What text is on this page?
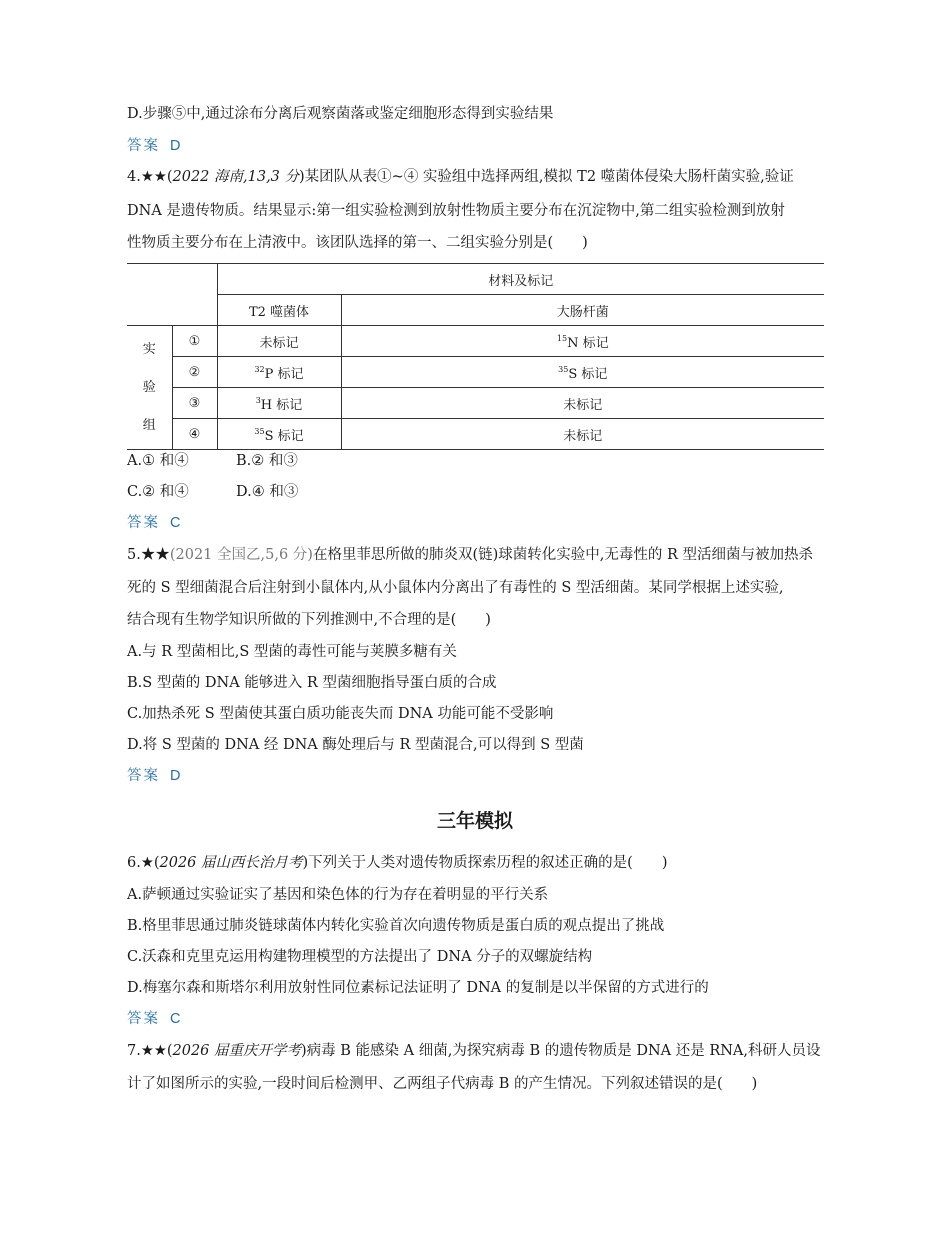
D.步骤⑤中,通过涂布分离后观察菌落或鉴定细胞形态得到实验结果
答案 D
4.★★(2022 海南,13,3 分)某团队从表①~④ 实验组中选择两组,模拟 T2 噬菌体侵染大肠杆菌实验,验证
DNA 是遗传物质。结果显示:第一组实验检测到放射性物质主要分布在沉淀物中,第二组实验检测到放射
性物质主要分布在上清液中。该团队选择的第一、二组实验分别是(　　)
		材料及标记	
		T2 噬菌体	大肠杆菌

实
验
组	①	未标记	$^{15}$N 标记
	②	$^{32}$P 标记	$^{35}$S 标记
	③	$^3$H 标记	未标记
	④	$^{35}$S 标记	未标记
A.① 和④	B.② 和③
C.② 和④	D.④ 和③
答案 C
5.★★(2021 全国乙,5,6 分)在格里菲思所做的肺炎双(链)球菌转化实验中,无毒性的 R 型活细菌与被加热杀
死的 S 型细菌混合后注射到小鼠体内,从小鼠体内分离出了有毒性的 S 型活细菌。某同学根据上述实验,
结合现有生物学知识所做的下列推测中,不合理的是(　　)
A.与 R 型菌相比,S 型菌的毒性可能与荚膜多糖有关
B.S 型菌的 DNA 能够进入 R 型菌细胞指导蛋白质的合成
C.加热杀死 S 型菌使其蛋白质功能丧失而 DNA 功能可能不受影响
D.将 S 型菌的 DNA 经 DNA 酶处理后与 R 型菌混合,可以得到 S 型菌
答案 D
三年模拟
6.★(2026 届山西长治月考)下列关于人类对遗传物质探索历程的叙述正确的是(　　)
A.萨顿通过实验证实了基因和染色体的行为存在着明显的平行关系
B.格里菲思通过肺炎链球菌体内转化实验首次向遗传物质是蛋白质的观点提出了挑战
C.沃森和克里克运用构建物理模型的方法提出了 DNA 分子的双螺旋结构
D.梅塞尔森和斯塔尔利用放射性同位素标记法证明了 DNA 的复制是以半保留的方式进行的
答案 C
7.★★(2026 届重庆开学考)病毒 B 能感染 A 细菌,为探究病毒 B 的遗传物质是 DNA 还是 RNA,科研人员设
计了如图所示的实验,一段时间后检测甲、乙两组子代病毒 B 的产生情况。下列叙述错误的是(　　)
